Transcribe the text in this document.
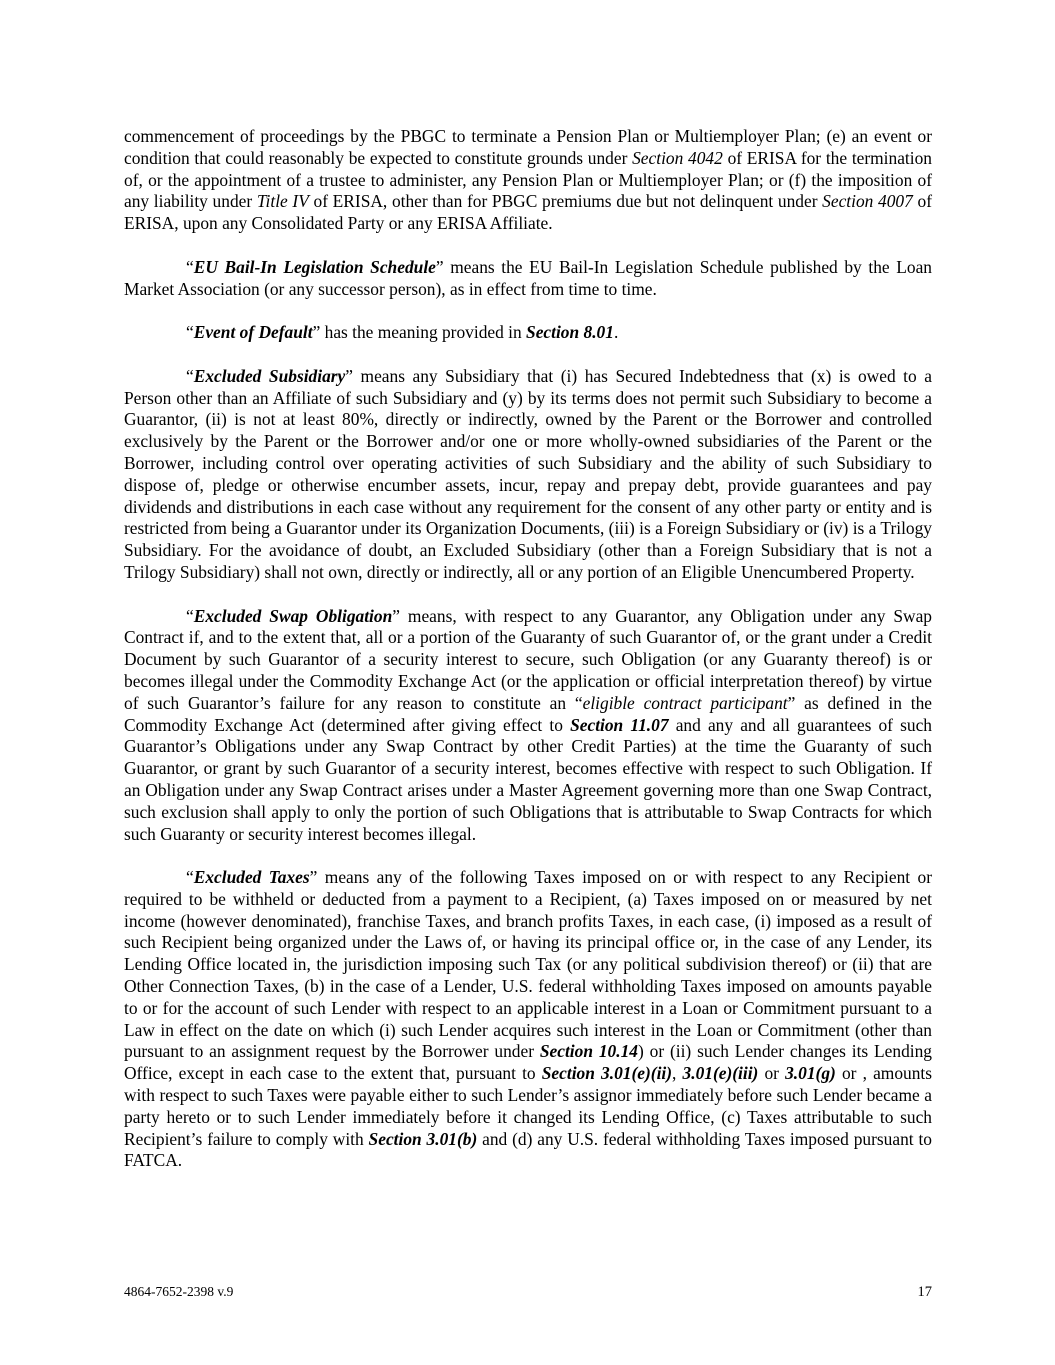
commencement of proceedings by the PBGC to terminate a Pension Plan or Multiemployer Plan; (e) an event or condition that could reasonably be expected to constitute grounds under Section 4042 of ERISA for the termination of, or the appointment of a trustee to administer, any Pension Plan or Multiemployer Plan; or (f) the imposition of any liability under Title IV of ERISA, other than for PBGC premiums due but not delinquent under Section 4007 of ERISA, upon any Consolidated Party or any ERISA Affiliate.

“EU Bail-In Legislation Schedule” means the EU Bail-In Legislation Schedule published by the Loan Market Association (or any successor person), as in effect from time to time.

“Event of Default” has the meaning provided in Section 8.01.

“Excluded Subsidiary” means any Subsidiary that (i) has Secured Indebtedness that (x) is owed to a Person other than an Affiliate of such Subsidiary and (y) by its terms does not permit such Subsidiary to become a Guarantor, (ii) is not at least 80%, directly or indirectly, owned by the Parent or the Borrower and controlled exclusively by the Parent or the Borrower and/or one or more wholly-owned subsidiaries of the Parent or the Borrower, including control over operating activities of such Subsidiary and the ability of such Subsidiary to dispose of, pledge or otherwise encumber assets, incur, repay and prepay debt, provide guarantees and pay dividends and distributions in each case without any requirement for the consent of any other party or entity and is restricted from being a Guarantor under its Organization Documents, (iii) is a Foreign Subsidiary or (iv) is a Trilogy Subsidiary. For the avoidance of doubt, an Excluded Subsidiary (other than a Foreign Subsidiary that is not a Trilogy Subsidiary) shall not own, directly or indirectly, all or any portion of an Eligible Unencumbered Property.

“Excluded Swap Obligation” means, with respect to any Guarantor, any Obligation under any Swap Contract if, and to the extent that, all or a portion of the Guaranty of such Guarantor of, or the grant under a Credit Document by such Guarantor of a security interest to secure, such Obligation (or any Guaranty thereof) is or becomes illegal under the Commodity Exchange Act (or the application or official interpretation thereof) by virtue of such Guarantor’s failure for any reason to constitute an “eligible contract participant” as defined in the Commodity Exchange Act (determined after giving effect to Section 11.07 and any and all guarantees of such Guarantor’s Obligations under any Swap Contract by other Credit Parties) at the time the Guaranty of such Guarantor, or grant by such Guarantor of a security interest, becomes effective with respect to such Obligation. If an Obligation under any Swap Contract arises under a Master Agreement governing more than one Swap Contract, such exclusion shall apply to only the portion of such Obligations that is attributable to Swap Contracts for which such Guaranty or security interest becomes illegal.

“Excluded Taxes” means any of the following Taxes imposed on or with respect to any Recipient or required to be withheld or deducted from a payment to a Recipient, (a) Taxes imposed on or measured by net income (however denominated), franchise Taxes, and branch profits Taxes, in each case, (i) imposed as a result of such Recipient being organized under the Laws of, or having its principal office or, in the case of any Lender, its Lending Office located in, the jurisdiction imposing such Tax (or any political subdivision thereof) or (ii) that are Other Connection Taxes, (b) in the case of a Lender, U.S. federal withholding Taxes imposed on amounts payable to or for the account of such Lender with respect to an applicable interest in a Loan or Commitment pursuant to a Law in effect on the date on which (i) such Lender acquires such interest in the Loan or Commitment (other than pursuant to an assignment request by the Borrower under Section 10.14) or (ii) such Lender changes its Lending Office, except in each case to the extent that, pursuant to Section 3.01(e)(ii), 3.01(e)(iii) or 3.01(g) or , amounts with respect to such Taxes were payable either to such Lender’s assignor immediately before such Lender became a party hereto or to such Lender immediately before it changed its Lending Office, (c) Taxes attributable to such Recipient’s failure to comply with Section 3.01(b) and (d) any U.S. federal withholding Taxes imposed pursuant to FATCA.

4864-7652-2398 v.9	17
